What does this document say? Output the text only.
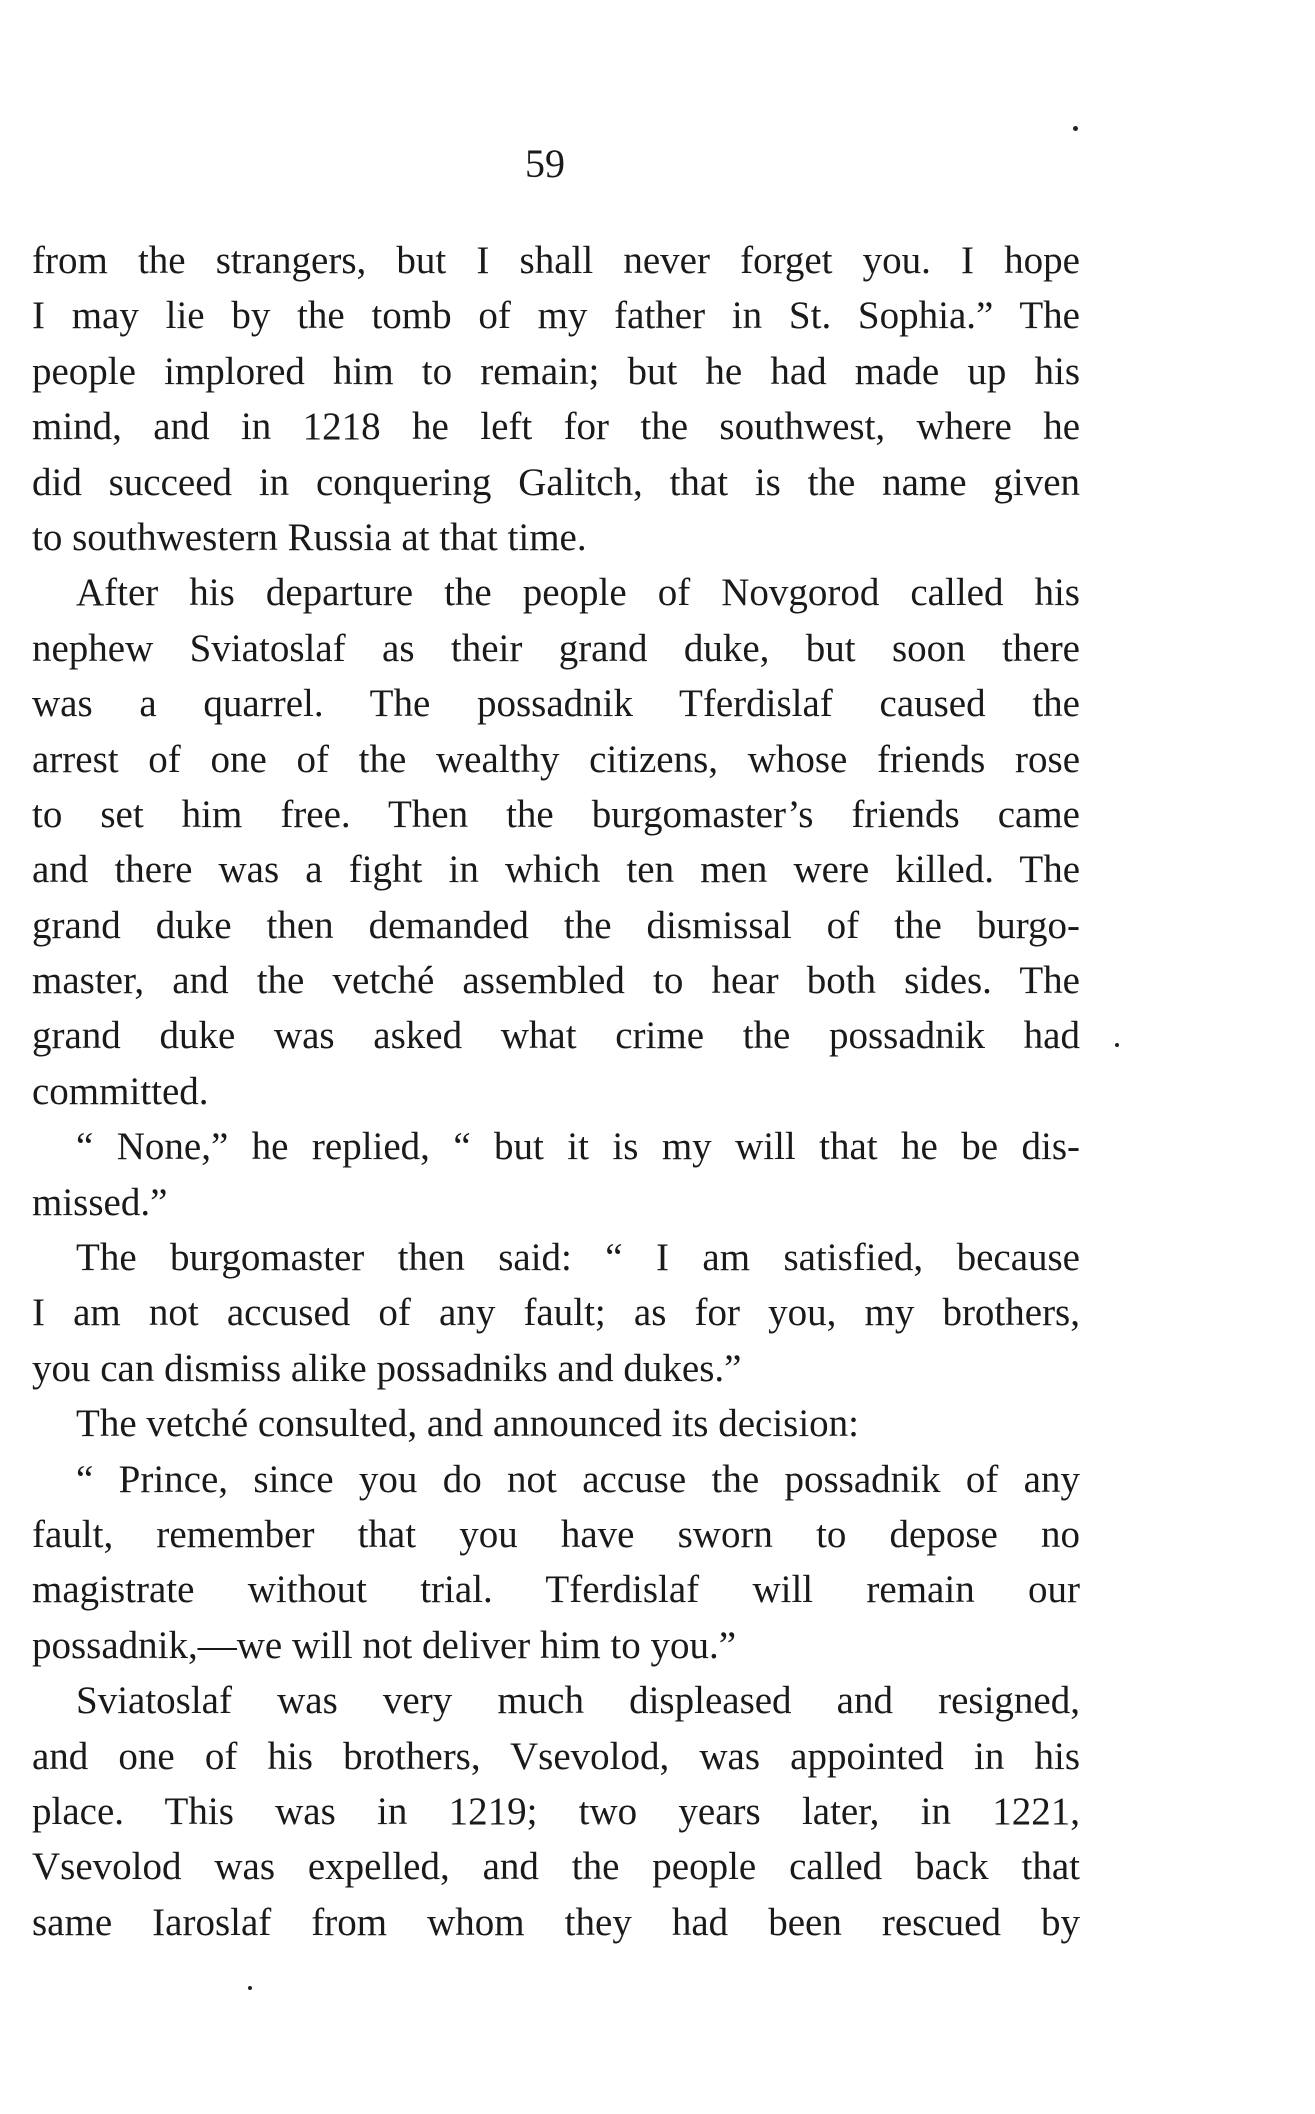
59
from the strangers, but I shall never forget you. I hope
I may lie by the tomb of my father in St. Sophia.” The
people implored him to remain; but he had made up his
mind, and in 1218 he left for the southwest, where he
did succeed in conquering Galitch, that is the name given
to southwestern Russia at that time.
After his departure the people of Novgorod called his
nephew Sviatoslaf as their grand duke, but soon there
was a quarrel. The possadnik Tferdislaf caused the
arrest of one of the wealthy citizens, whose friends rose
to set him free. Then the burgomaster’s friends came
and there was a fight in which ten men were killed. The
grand duke then demanded the dismissal of the burgo-
master, and the vetché assembled to hear both sides. The
grand duke was asked what crime the possadnik had
committed.
“ None,” he replied, “ but it is my will that he be dis-
missed.”
The burgomaster then said: “ I am satisfied, because
I am not accused of any fault; as for you, my brothers,
you can dismiss alike possadniks and dukes.”
The vetché consulted, and announced its decision:
“ Prince, since you do not accuse the possadnik of any
fault, remember that you have sworn to depose no
magistrate without trial. Tferdislaf will remain our
possadnik,—we will not deliver him to you.”
Sviatoslaf was very much displeased and resigned,
and one of his brothers, Vsevolod, was appointed in his
place. This was in 1219; two years later, in 1221,
Vsevolod was expelled, and the people called back that
same Iaroslaf from whom they had been rescued by
